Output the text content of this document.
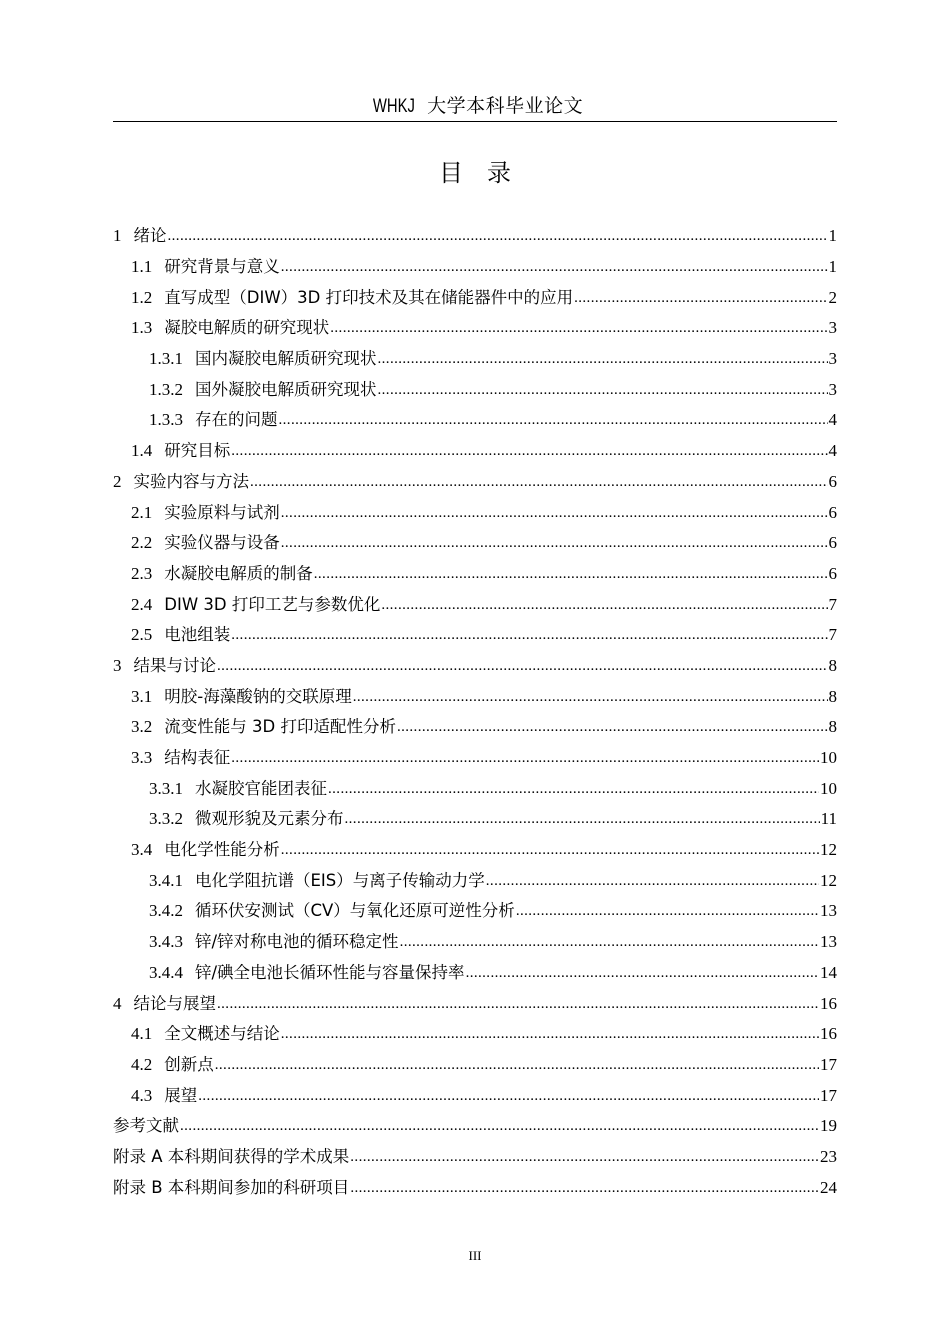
WHKJ 大学本科毕业论文
目录
1 绪论 .....	1
1.1 研究背景与意义 .....	1
1.2 直写成型（DIW）3D 打印技术及其在储能器件中的应用 .....	2
1.3 凝胶电解质的研究现状 .....	3
1.3.1 国内凝胶电解质研究现状 .....	3
1.3.2 国外凝胶电解质研究现状 .....	3
1.3.3 存在的问题 .....	4
1.4 研究目标 .....	4
2 实验内容与方法 .....	6
2.1 实验原料与试剂 .....	6
2.2 实验仪器与设备 .....	6
2.3 水凝胶电解质的制备 .....	6
2.4 DIW 3D 打印工艺与参数优化 .....	7
2.5 电池组装 .....	7
3 结果与讨论 .....	8
3.1 明胶-海藻酸钠的交联原理 .....	8
3.2 流变性能与 3D 打印适配性分析 .....	8
3.3 结构表征 .....	10
3.3.1 水凝胶官能团表征 .....	10
3.3.2 微观形貌及元素分布 .....	11
3.4 电化学性能分析 .....	12
3.4.1 电化学阻抗谱（EIS）与离子传输动力学 .....	12
3.4.2 循环伏安测试（CV）与氧化还原可逆性分析 .....	13
3.4.3 锌/锌对称电池的循环稳定性 .....	13
3.4.4 锌/碘全电池长循环性能与容量保持率 .....	14
4 结论与展望 .....	16
4.1 全文概述与结论 .....	16
4.2 创新点 .....	17
4.3 展望 .....	17
参考文献 .....	19
附录 A 本科期间获得的学术成果 .....	23
附录 B 本科期间参加的科研项目 .....	24
III
